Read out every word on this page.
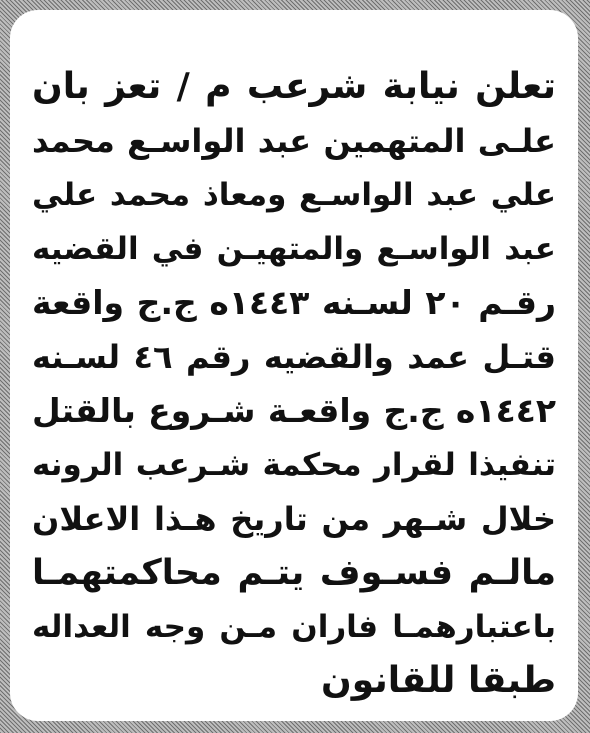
تعلن نيابة شرعب م / تعز بان
علـى المتهمين عبد الواسـع محمد
علي عبد الواسـع ومعاذ محمد علي
عبد الواسـع والمتهيـن في القضيه
رقـم ٢٠ لسـنه ١٤٤٣ه ج.ج واقعة
قتـل عمد والقضيه رقم ٤٦ لسـنه
١٤٤٢ه ج.ج واقعـة شـروع بالقتل
تنفيذا لقرار محكمة شـرعب الرونه
خلال شـهر من تاريخ هـذا الاعلان
مالـم فسـوف يتـم محاكمتهمـا
باعتبارهمـا فاران مـن وجه العداله
طبقا للقانون
